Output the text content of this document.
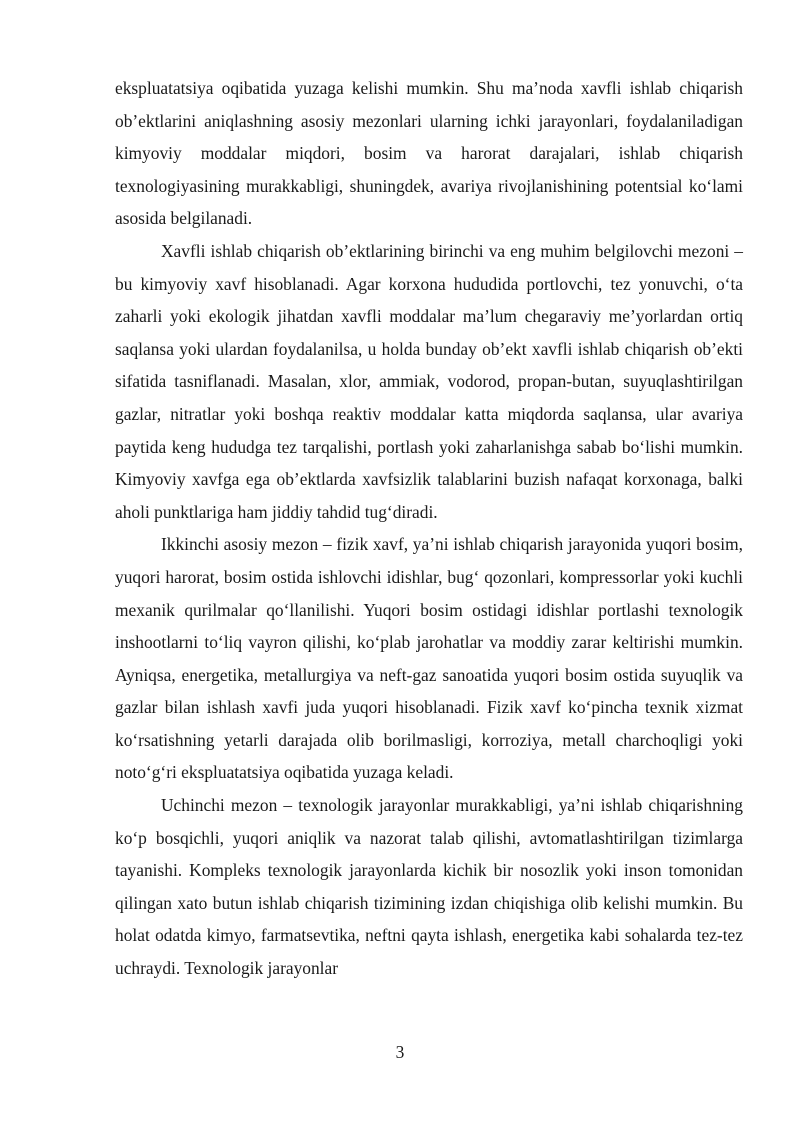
ekspluatatsiya oqibatida yuzaga kelishi mumkin. Shu ma’noda xavfli ishlab chiqarish ob’ektlarini aniqlashning asosiy mezonlari ularning ichki jarayonlari, foydalaniladigan kimyoviy moddalar miqdori, bosim va harorat darajalari, ishlab chiqarish texnologiyasining murakkabligi, shuningdek, avariya rivojlanishining potentsial ko‘lami asosida belgilanadi.

Xavfli ishlab chiqarish ob’ektlarining birinchi va eng muhim belgilovchi mezoni – bu kimyoviy xavf hisoblanadi. Agar korxona hududida portlovchi, tez yonuvchi, o‘ta zaharli yoki ekologik jihatdan xavfli moddalar ma’lum chegaraviy me’yorlardan ortiq saqlansa yoki ulardan foydalanilsa, u holda bunday ob’ekt xavfli ishlab chiqarish ob’ekti sifatida tasniflanadi. Masalan, xlor, ammiak, vodorod, propan-butan, suyuqlashtirilgan gazlar, nitratlar yoki boshqa reaktiv moddalar katta miqdorda saqlansa, ular avariya paytida keng hududga tez tarqalishi, portlash yoki zaharlanishga sabab bo‘lishi mumkin. Kimyoviy xavfga ega ob’ektlarda xavfsizlik talablarini buzish nafaqat korxonaga, balki aholi punktlariga ham jiddiy tahdid tug‘diradi.

Ikkinchi asosiy mezon – fizik xavf, ya’ni ishlab chiqarish jarayonida yuqori bosim, yuqori harorat, bosim ostida ishlovchi idishlar, bug‘ qozonlari, kompressorlar yoki kuchli mexanik qurilmalar qo‘llanilishi. Yuqori bosim ostidagi idishlar portlashi texnologik inshootlarni to‘liq vayron qilishi, ko‘plab jarohatlar va moddiy zarar keltirishi mumkin. Ayniqsa, energetika, metallurgiya va neft-gaz sanoatida yuqori bosim ostida suyuqlik va gazlar bilan ishlash xavfi juda yuqori hisoblanadi. Fizik xavf ko‘pincha texnik xizmat ko‘rsatishning yetarli darajada olib borilmasligi, korroziya, metall charchoqligi yoki noto‘g‘ri ekspluatatsiya oqibatida yuzaga keladi.

Uchinchi mezon – texnologik jarayonlar murakkabligi, ya’ni ishlab chiqarishning ko‘p bosqichli, yuqori aniqlik va nazorat talab qilishi, avtomatlashtirilgan tizimlarga tayanishi. Kompleks texnologik jarayonlarda kichik bir nosozlik yoki inson tomonidan qilingan xato butun ishlab chiqarish tizimining izdan chiqishiga olib kelishi mumkin. Bu holat odatda kimyo, farmatsevtika, neftni qayta ishlash, energetika kabi sohalarda tez-tez uchraydi. Texnologik jarayonlar

3
